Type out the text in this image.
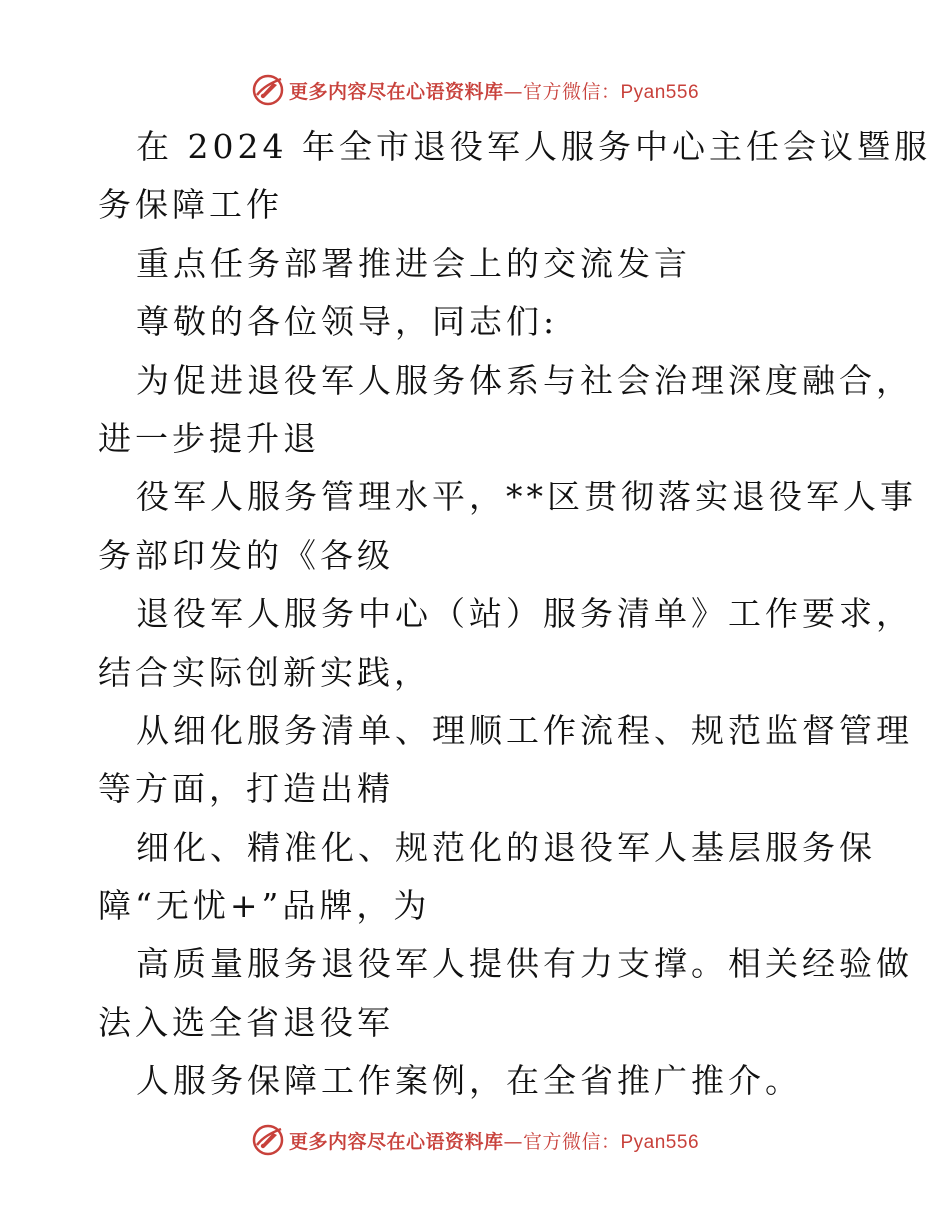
更多内容尽在心语资料库—官方微信：Pyan556
在 2024 年全市退役军人服务中心主任会议暨服
务保障工作
重点任务部署推进会上的交流发言
尊敬的各位领导，同志们:
为促进退役军人服务体系与社会治理深度融合，
进一步提升退
役军人服务管理水平，**区贯彻落实退役军人事
务部印发的《各级
退役军人服务中心（站）服务清单》工作要求，
结合实际创新实践，
从细化服务清单、理顺工作流程、规范监督管理
等方面，打造出精
细化、精准化、规范化的退役军人基层服务保
障“无忧+”品牌，为
高质量服务退役军人提供有力支撑。相关经验做
法入选全省退役军
人服务保障工作案例，在全省推广推介。
更多内容尽在心语资料库—官方微信：Pyan556
